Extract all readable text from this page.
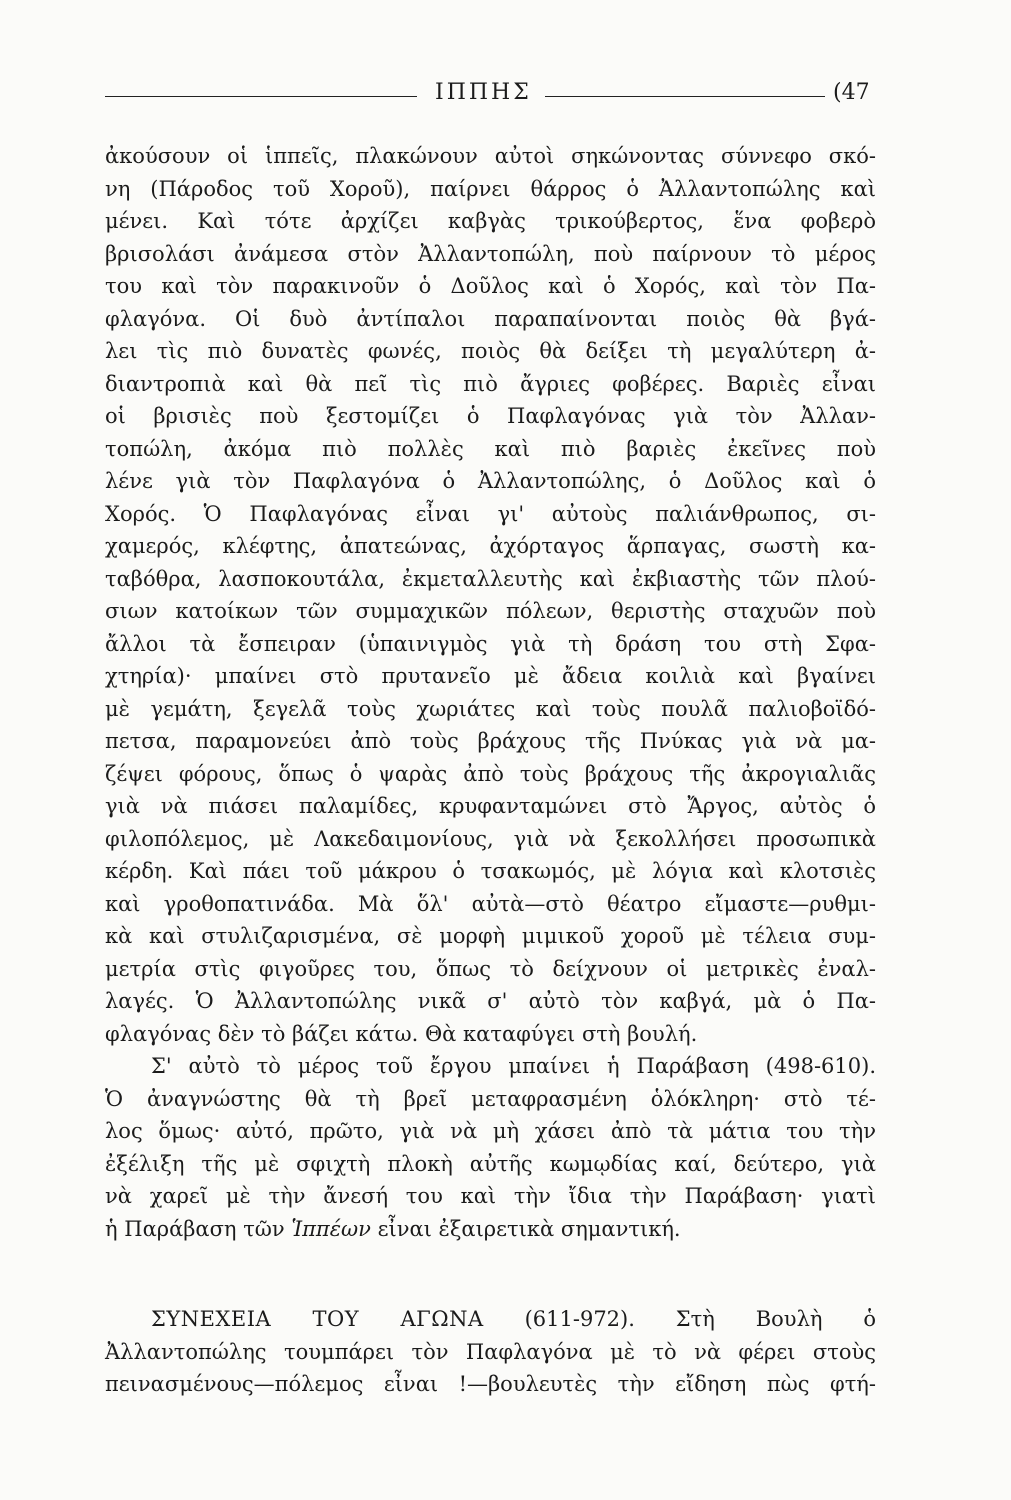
ΙΠΠΗΣ	(47
ἀκούσουν οἱ ἱππεῖς, πλακώνουν αὐτοὶ σηκώνοντας σύννεφο σκό-
νη (Πάροδος τοῦ Χοροῦ), παίρνει θάρρος ὁ Ἀλλαντοπώλης καὶ
μένει. Καὶ τότε ἀρχίζει καβγὰς τρικούβερτος, ἕνα φοβερὸ
βρισολάσι ἀνάμεσα στὸν Ἀλλαντοπώλη, ποὺ παίρνουν τὸ μέρος
του καὶ τὸν παρακινοῦν ὁ Δοῦλος καὶ ὁ Χορός, καὶ τὸν Πα-
φλαγόνα. Οἱ δυὸ ἀντίπαλοι παραπαίνονται ποιὸς θὰ βγά-
λει τὶς πιὸ δυνατὲς φωνές, ποιὸς θὰ δείξει τὴ μεγαλύτερη ἀ-
διαντροπιὰ καὶ θὰ πεῖ τὶς πιὸ ἄγριες φοβέρες. Βαριὲς εἶναι
οἱ βρισιὲς ποὺ ξεστομίζει ὁ Παφλαγόνας γιὰ τὸν Ἀλλαν-
τοπώλη, ἀκόμα πιὸ πολλὲς καὶ πιὸ βαριὲς ἐκεῖνες ποὺ
λένε γιὰ τὸν Παφλαγόνα ὁ Ἀλλαντοπώλης, ὁ Δοῦλος καὶ ὁ
Χορός. Ὁ Παφλαγόνας εἶναι γι' αὐτοὺς παλιάνθρωπος, σι-
χαμερός, κλέφτης, ἀπατεώνας, ἀχόρταγος ἅρπαγας, σωστὴ κα-
ταβόθρα, λασποκουτάλα, ἐκμεταλλευτὴς καὶ ἐκβιαστὴς τῶν πλού-
σιων κατοίκων τῶν συμμαχικῶν πόλεων, θεριστὴς σταχυῶν ποὺ
ἄλλοι τὰ ἔσπειραν (ὑπαινιγμὸς γιὰ τὴ δράση του στὴ Σφα-
χτηρία)· μπαίνει στὸ πρυτανεῖο μὲ ἄδεια κοιλιὰ καὶ βγαίνει
μὲ γεμάτη, ξεγελᾶ τοὺς χωριάτες καὶ τοὺς πουλᾶ παλιοβοϊδό-
πετσα, παραμονεύει ἀπὸ τοὺς βράχους τῆς Πνύκας γιὰ νὰ μα-
ζέψει φόρους, ὅπως ὁ ψαρὰς ἀπὸ τοὺς βράχους τῆς ἀκρογιαλιᾶς
γιὰ νὰ πιάσει παλαμίδες, κρυφανταμώνει στὸ Ἄργος, αὐτὸς ὁ
φιλοπόλεμος, μὲ Λακεδαιμονίους, γιὰ νὰ ξεκολλήσει προσωπικὰ
κέρδη. Καὶ πάει τοῦ μάκρου ὁ τσακωμός, μὲ λόγια καὶ κλοτσιὲς
καὶ γροθοπατινάδα. Μὰ ὅλ' αὐτὰ—στὸ θέατρο εἴμαστε—ρυθμι-
κὰ καὶ στυλιζαρισμένα, σὲ μορφὴ μιμικοῦ χοροῦ μὲ τέλεια συμ-
μετρία στὶς φιγοῦρες του, ὅπως τὸ δείχνουν οἱ μετρικὲς ἐναλ-
λαγές. Ὁ Ἀλλαντοπώλης νικᾶ σ' αὐτὸ τὸν καβγά, μὰ ὁ Πα-
φλαγόνας δὲν τὸ βάζει κάτω. Θὰ καταφύγει στὴ βουλή.
Σ' αὐτὸ τὸ μέρος τοῦ ἔργου μπαίνει ἡ Παράβαση (498-610).
Ὁ ἀναγνώστης θὰ τὴ βρεῖ μεταφρασμένη ὁλόκληρη· στὸ τέ-
λος ὅμως· αὐτό, πρῶτο, γιὰ νὰ μὴ χάσει ἀπὸ τὰ μάτια του τὴν
ἐξέλιξη τῆς μὲ σφιχτὴ πλοκὴ αὐτῆς κωμῳδίας καί, δεύτερο, γιὰ
νὰ χαρεῖ μὲ τὴν ἄνεσή του καὶ τὴν ἴδια τὴν Παράβαση· γιατὶ
ἡ Παράβαση τῶν Ἱππέων εἶναι ἐξαιρετικὰ σημαντική.
ΣΥΝΕΧΕΙΑ ΤΟΥ ΑΓΩΝΑ (611-972). Στὴ Βουλὴ ὁ
Ἀλλαντοπώλης τουμπάρει τὸν Παφλαγόνα μὲ τὸ νὰ φέρει στοὺς
πεινασμένους—πόλεμος εἶναι !—βουλευτὲς τὴν εἴδηση πὼς φτή-
